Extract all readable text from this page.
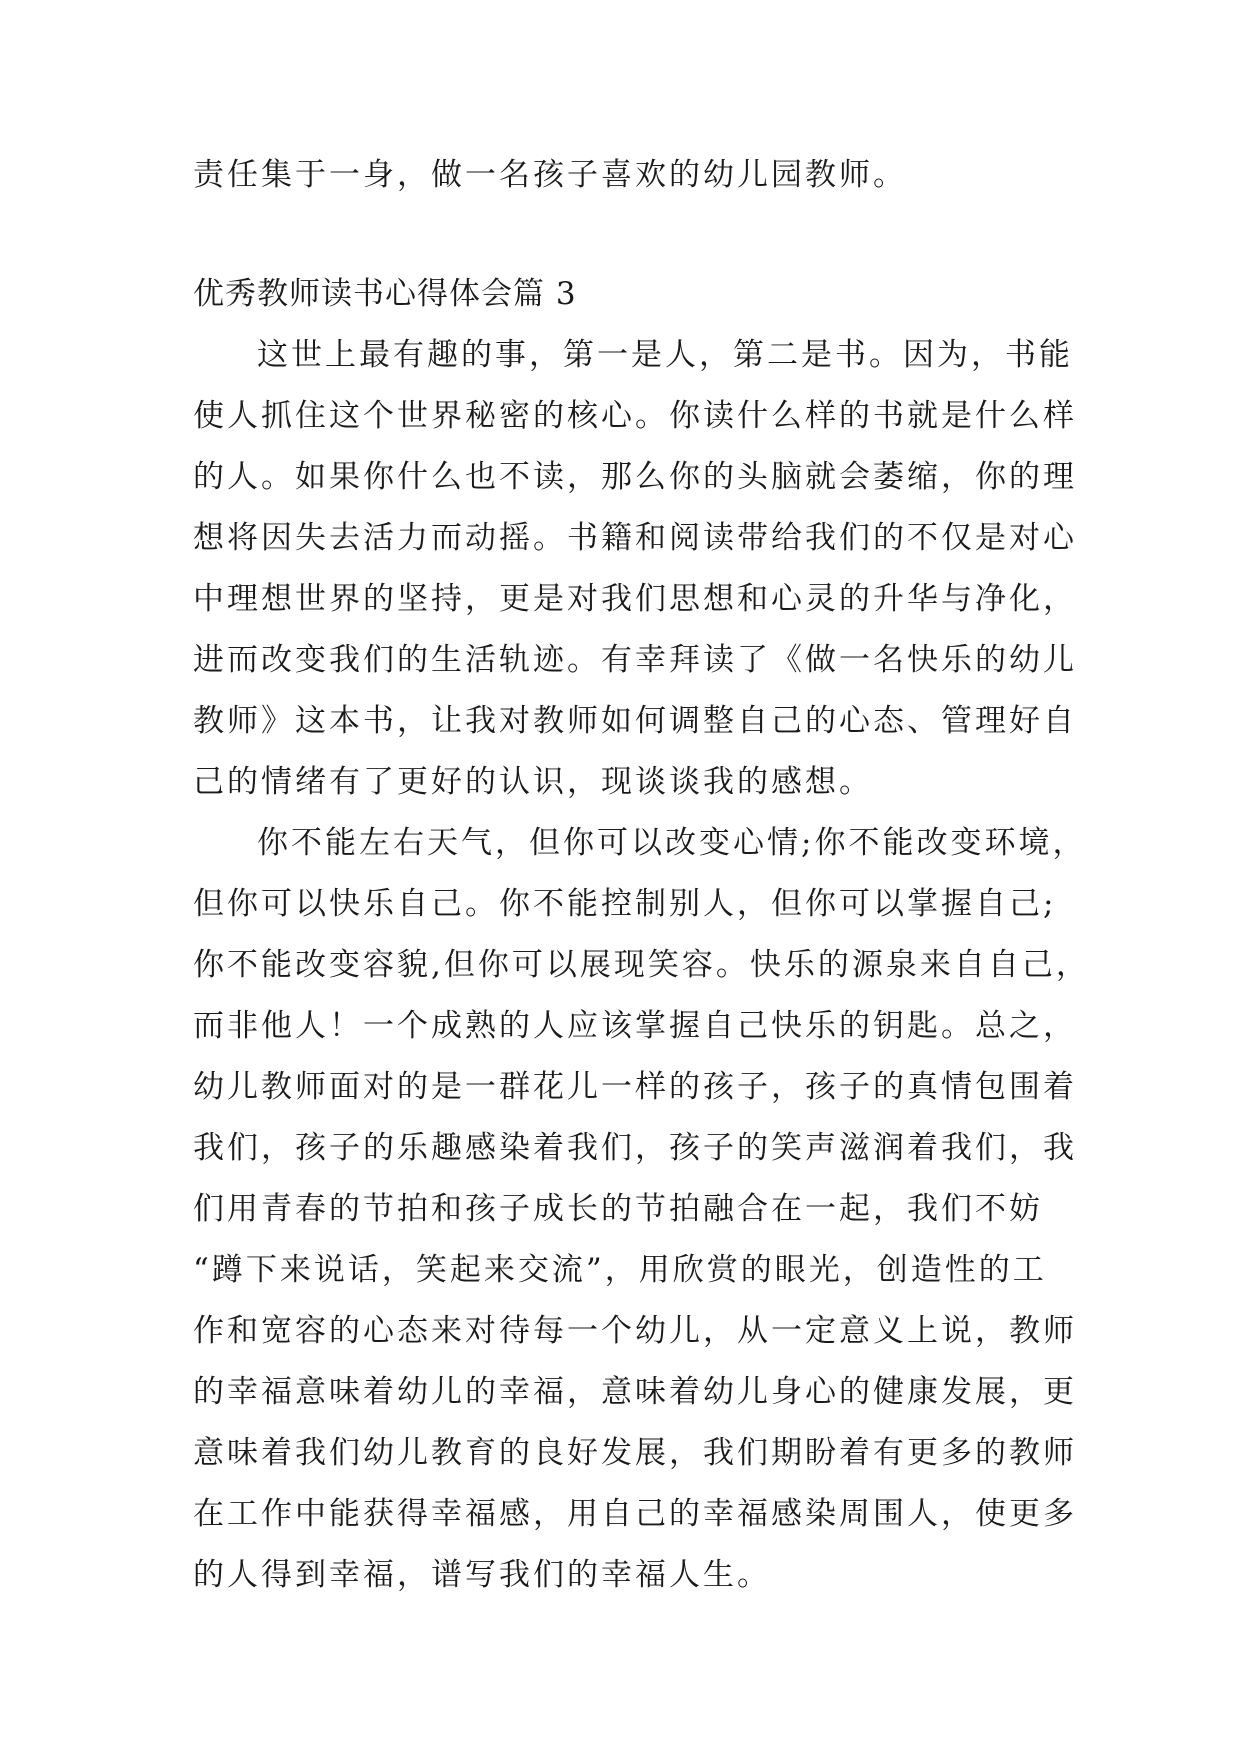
责任集于一身，做一名孩子喜欢的幼儿园教师。
优秀教师读书心得体会篇 3
这世上最有趣的事，第一是人，第二是书。因为，书能
使人抓住这个世界秘密的核心。你读什么样的书就是什么样
的人。如果你什么也不读，那么你的头脑就会萎缩，你的理
想将因失去活力而动摇。书籍和阅读带给我们的不仅是对心
中理想世界的坚持，更是对我们思想和心灵的升华与净化，
进而改变我们的生活轨迹。有幸拜读了《做一名快乐的幼儿
教师》这本书，让我对教师如何调整自己的心态、管理好自
己的情绪有了更好的认识，现谈谈我的感想。
你不能左右天气，但你可以改变心情;你不能改变环境，
但你可以快乐自己。你不能控制别人，但你可以掌握自己;
你不能改变容貌,但你可以展现笑容。快乐的源泉来自自己，
而非他人！一个成熟的人应该掌握自己快乐的钥匙。总之，
幼儿教师面对的是一群花儿一样的孩子，孩子的真情包围着
我们，孩子的乐趣感染着我们，孩子的笑声滋润着我们，我
们用青春的节拍和孩子成长的节拍融合在一起，我们不妨
“蹲下来说话，笑起来交流”，用欣赏的眼光，创造性的工
作和宽容的心态来对待每一个幼儿，从一定意义上说，教师
的幸福意味着幼儿的幸福，意味着幼儿身心的健康发展，更
意味着我们幼儿教育的良好发展，我们期盼着有更多的教师
在工作中能获得幸福感，用自己的幸福感染周围人，使更多
的人得到幸福，谱写我们的幸福人生。
